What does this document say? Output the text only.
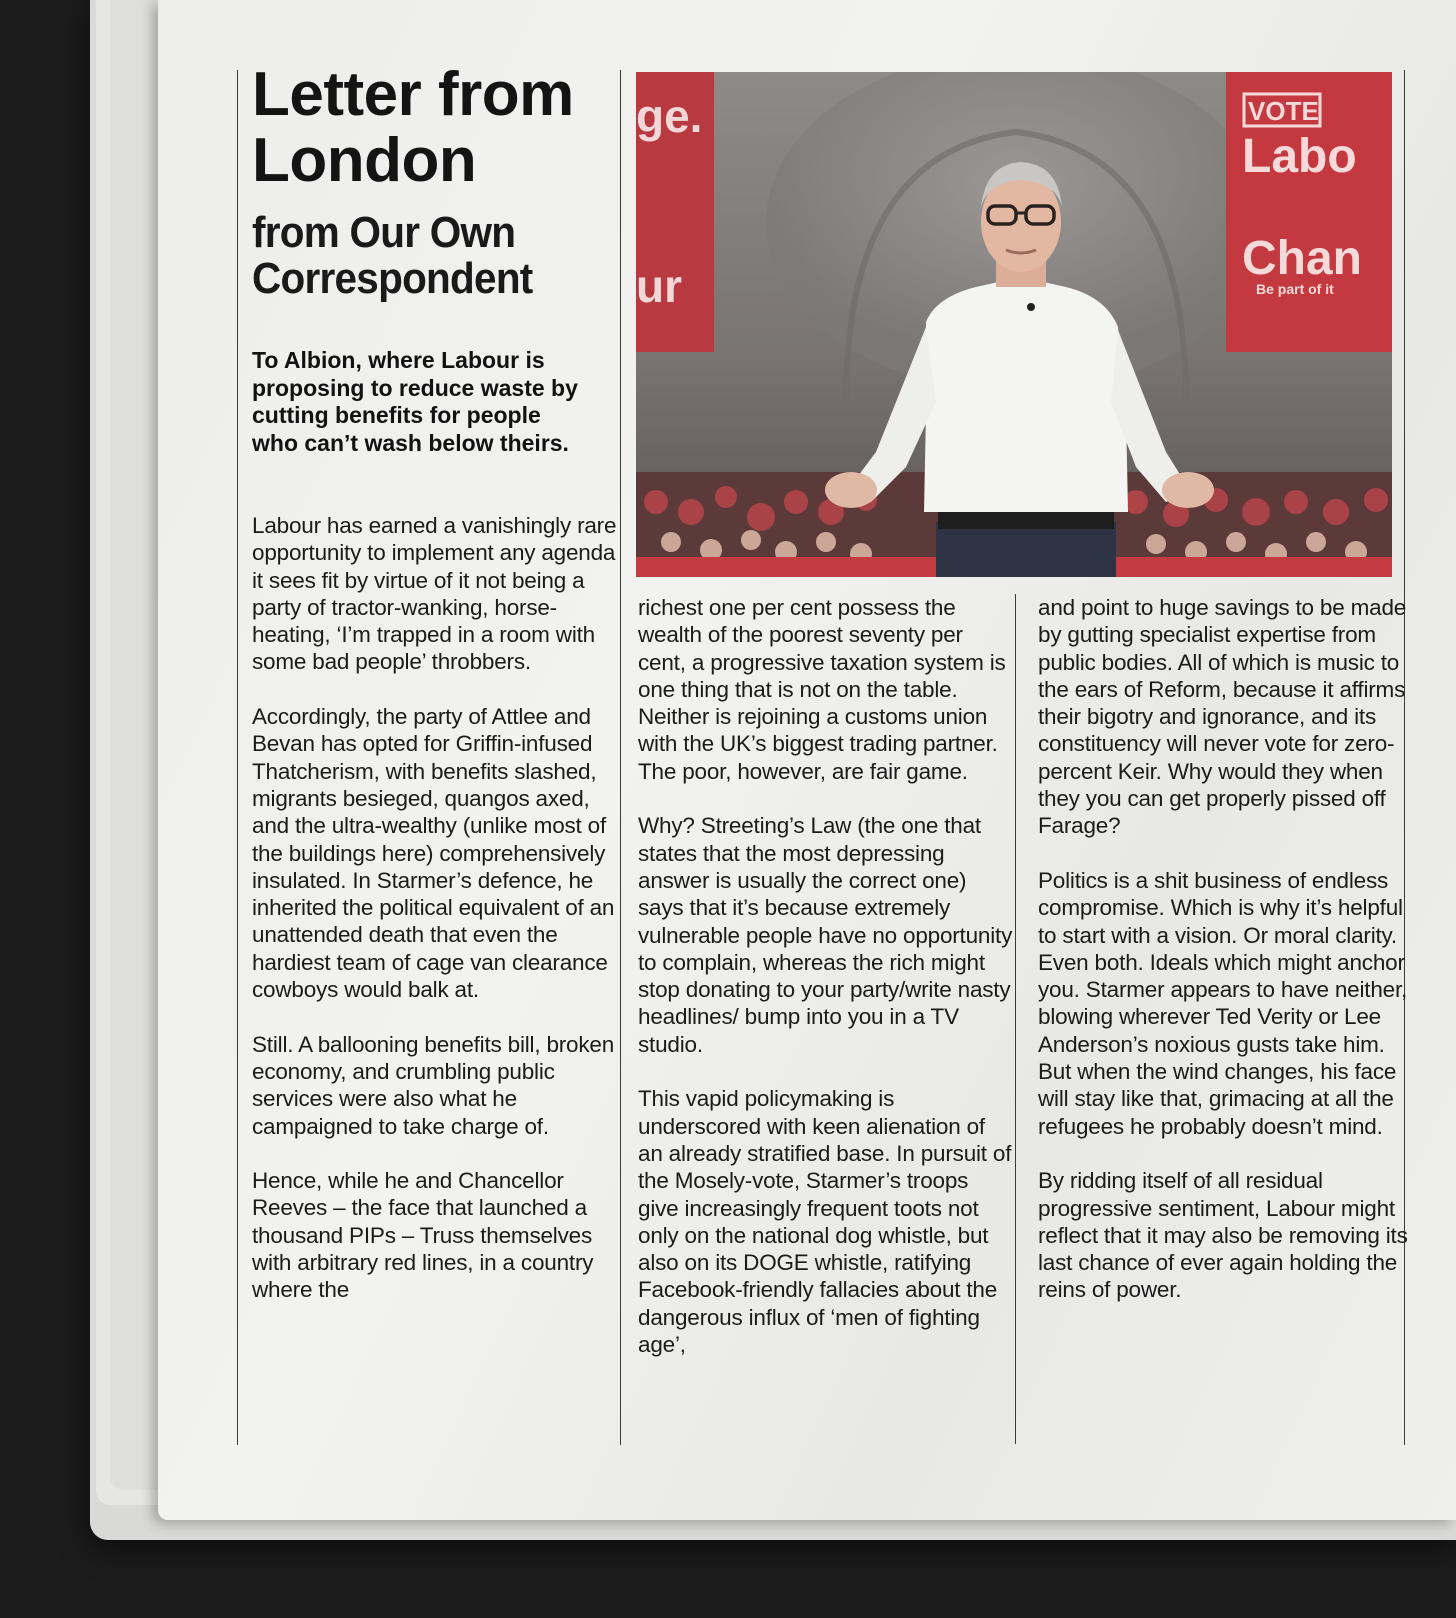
Letter from London
from Our Own Correspondent

To Albion, where Labour is proposing to reduce waste by cutting benefits for people who can’t wash below theirs.

ge.
ur
VOTE
Labo
Chan
Be part of it

Labour has earned a vanishingly rare opportunity to implement any agenda it sees fit by virtue of it not being a party of tractor-wanking, horse-heating, ‘I’m trapped in a room with some bad people’ throbbers.

Accordingly, the party of Attlee and Bevan has opted for Griffin-infused Thatcherism, with benefits slashed, migrants besieged, quangos axed, and the ultra-wealthy (unlike most of the buildings here) comprehensively insulated. In Starmer’s defence, he inherited the political equivalent of an unattended death that even the hardiest team of cage van clearance cowboys would balk at.

Still. A ballooning benefits bill, broken economy, and crumbling public services were also what he campaigned to take charge of.

Hence, while he and Chancellor Reeves – the face that launched a thousand PIPs – Truss themselves with arbitrary red lines, in a country where the

richest one per cent possess the wealth of the poorest seventy per cent, a progressive taxation system is one thing that is not on the table. Neither is rejoining a customs union with the UK’s biggest trading partner. The poor, however, are fair game.

Why? Streeting’s Law (the one that states that the most depressing answer is usually the correct one) says that it’s because extremely vulnerable people have no opportunity to complain, whereas the rich might stop donating to your party/write nasty headlines/ bump into you in a TV studio.

This vapid policymaking is underscored with keen alienation of an already stratified base. In pursuit of the Mosely-vote, Starmer’s troops give increasingly frequent toots not only on the national dog whistle, but also on its DOGE whistle, ratifying Facebook-friendly fallacies about the dangerous influx of ‘men of fighting age’,

and point to huge savings to be made by gutting specialist expertise from public bodies. All of which is music to the ears of Reform, because it affirms their bigotry and ignorance, and its constituency will never vote for zero-percent Keir. Why would they when they you can get properly pissed off Farage?

Politics is a shit business of endless compromise. Which is why it’s helpful to start with a vision. Or moral clarity. Even both. Ideals which might anchor you. Starmer appears to have neither, blowing wherever Ted Verity or Lee Anderson’s noxious gusts take him. But when the wind changes, his face will stay like that, grimacing at all the refugees he probably doesn’t mind.

By ridding itself of all residual progressive sentiment, Labour might reflect that it may also be removing its last chance of ever again holding the reins of power.
